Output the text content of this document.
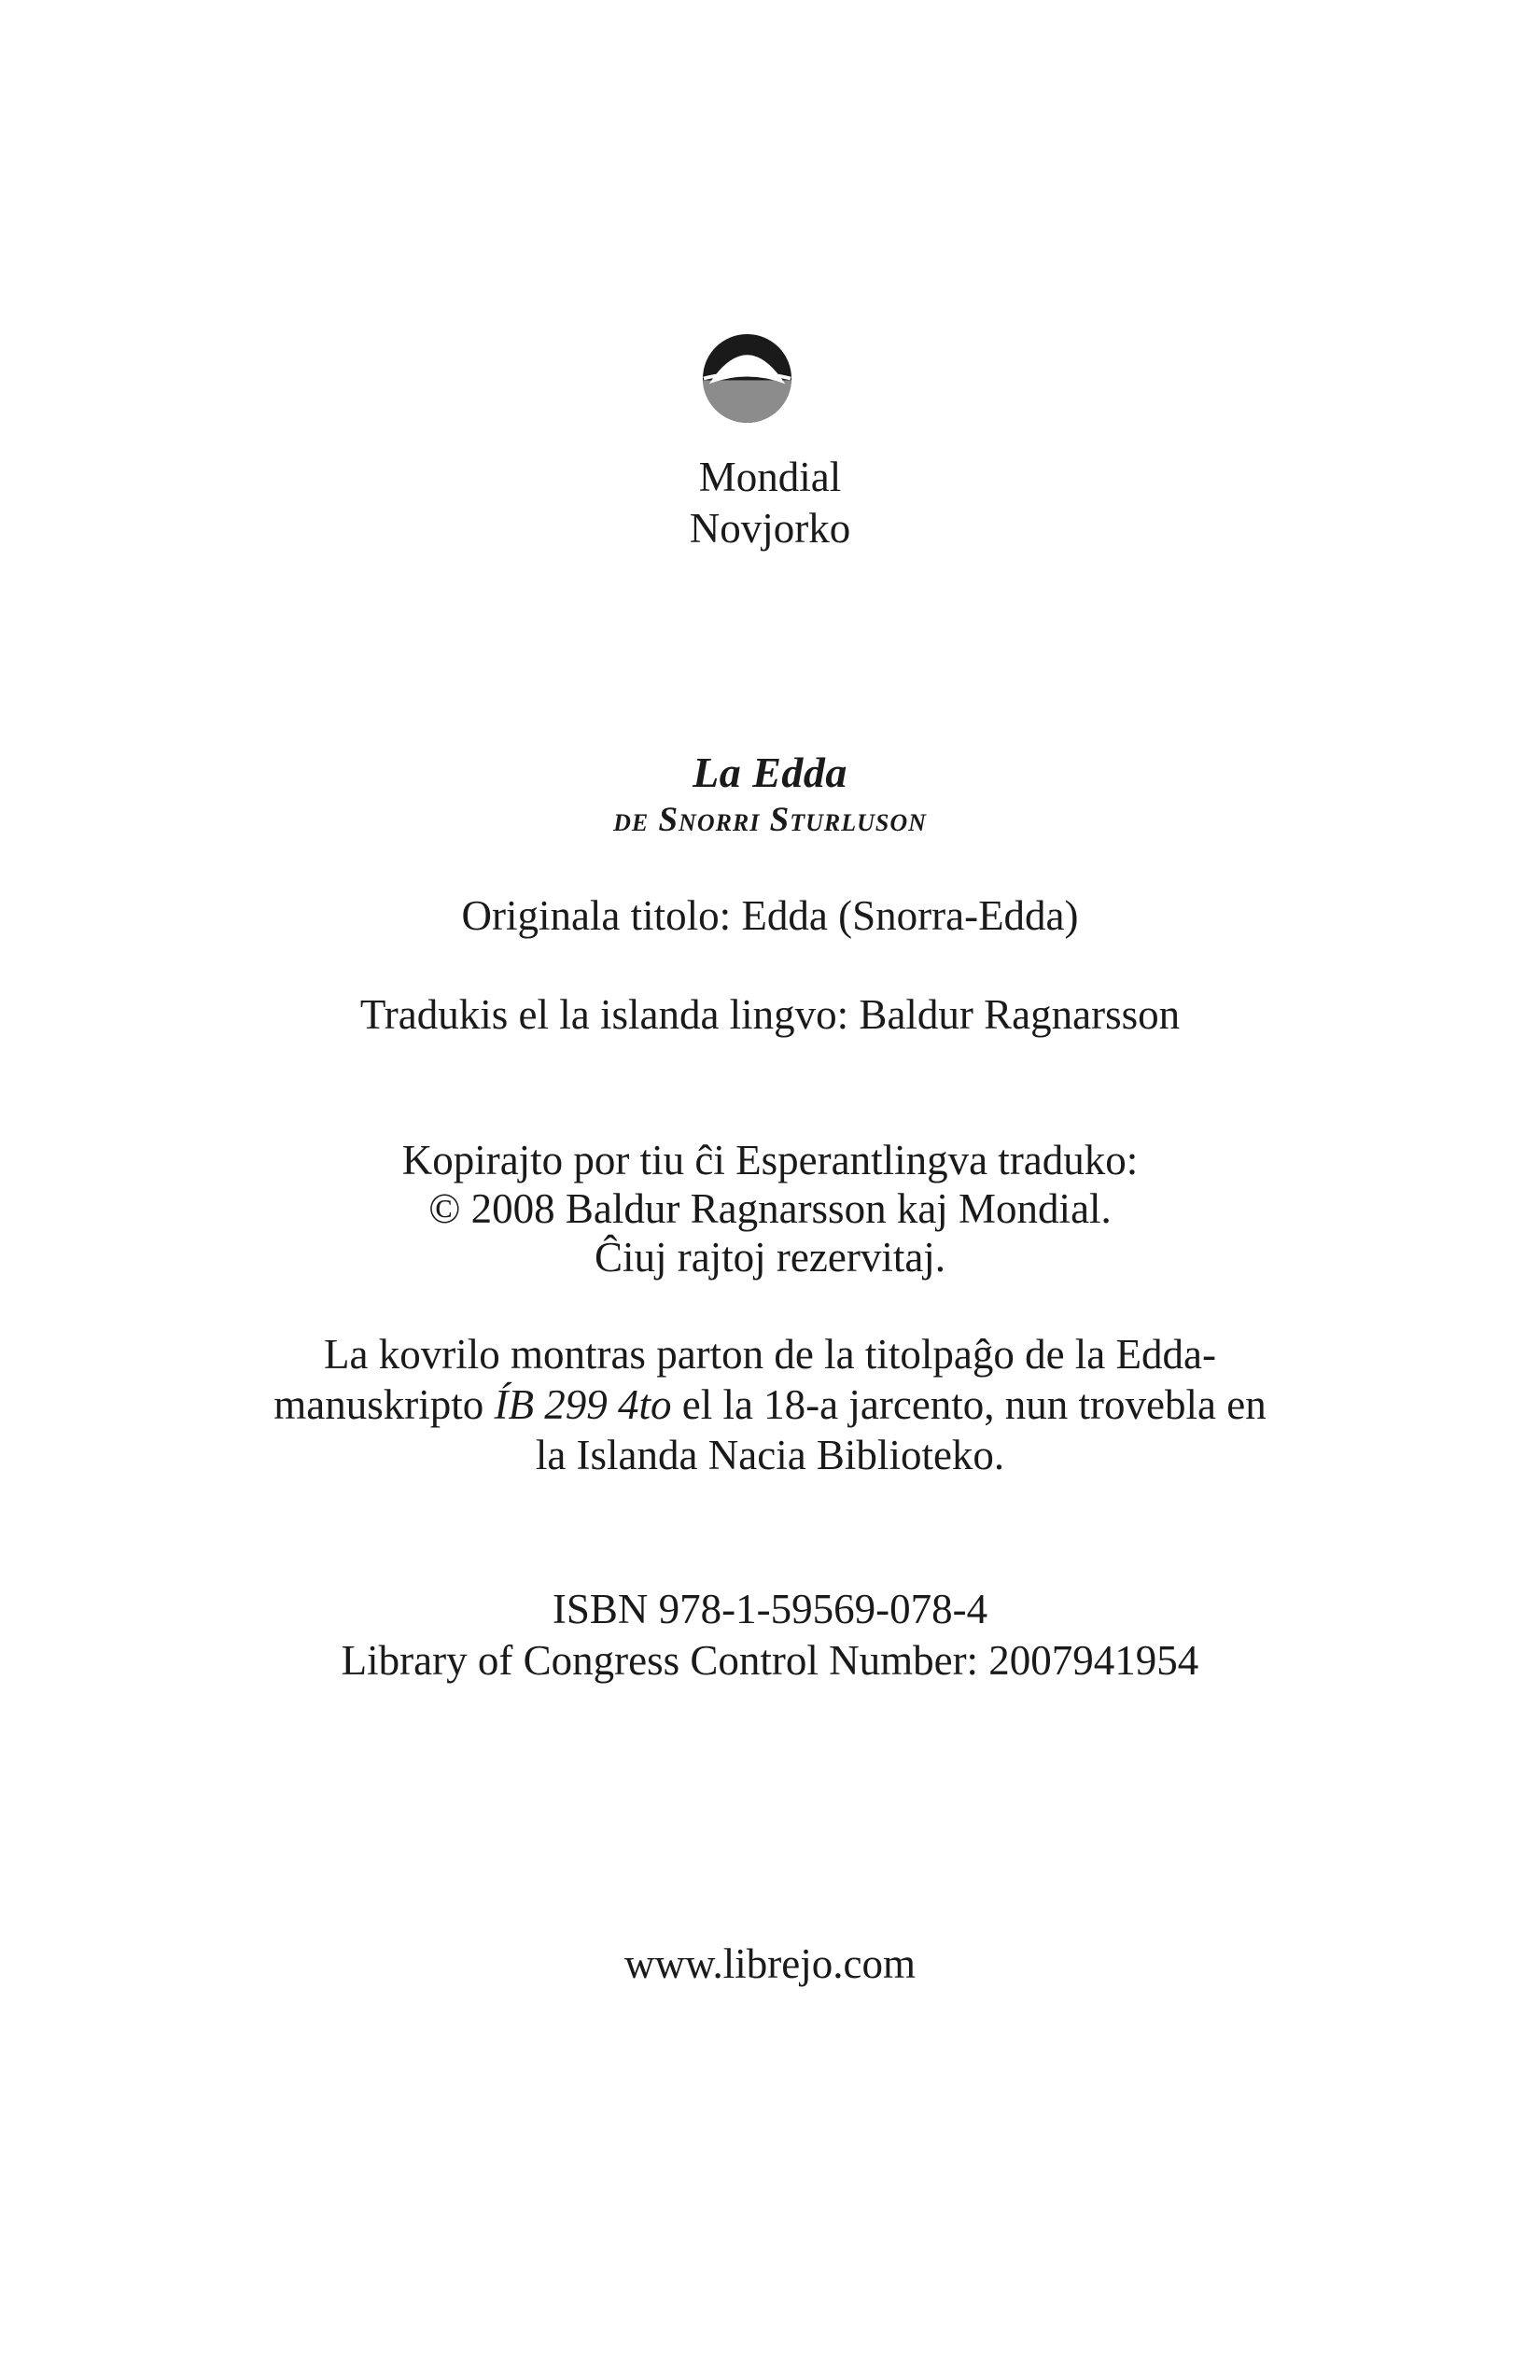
Mondial
Novjorko
La Edda
de Snorri Sturluson
Originala titolo: Edda (Snorra-Edda)
Tradukis el la islanda lingvo: Baldur Ragnarsson
Kopirajto por tiu ĉi Esperantlingva traduko:
© 2008 Baldur Ragnarsson kaj Mondial.
Ĉiuj rajtoj rezervitaj.
La kovrilo montras parton de la titolpaĝo de la Edda-
manuskripto ÍB 299 4to el la 18-a jarcento, nun trovebla en
la Islanda Nacia Biblioteko.
ISBN 978-1-59569-078-4
Library of Congress Control Number: 2007941954
www.librejo.com
